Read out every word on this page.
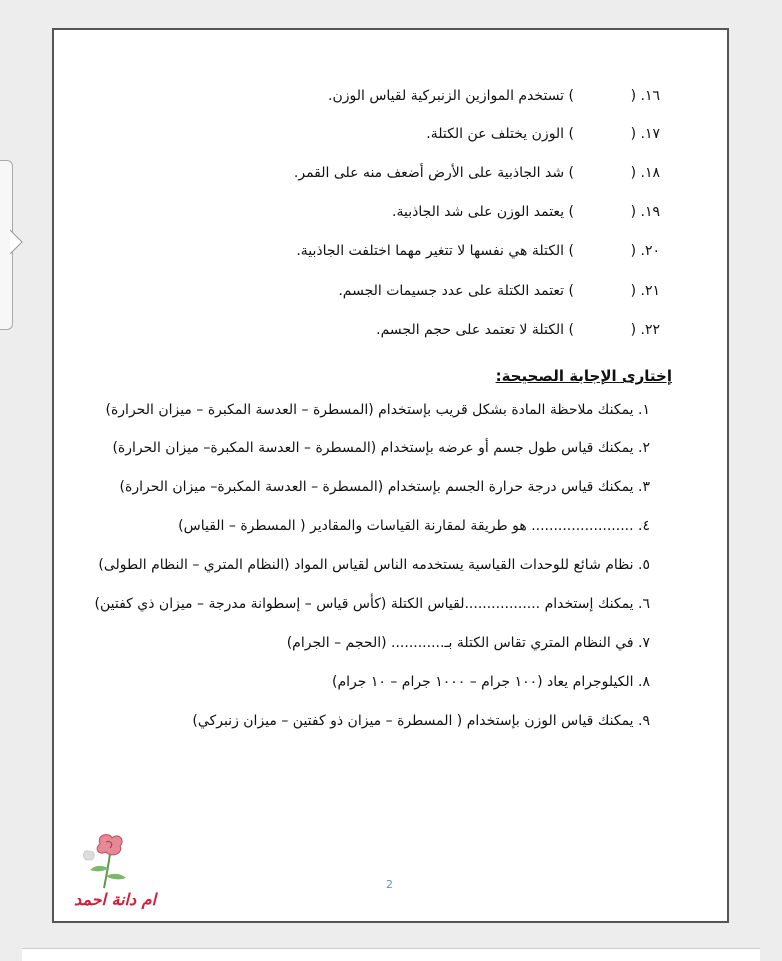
١٦. (
) تستخدم الموازين الزنبركية لقياس الوزن.
١٧. (
) الوزن يختلف عن الكتلة.
١٨. (
) شد الجاذبية على الأرض أضعف منه على القمر.
١٩. (
) يعتمد الوزن على شد الجاذبية.
٢٠. (
) الكتلة هي نفسها لا تتغير مهما اختلفت الجاذبية.
٢١. (
) تعتمد الكتلة على عدد جسيمات الجسم.
٢٢. (
) الكتلة لا تعتمد على حجم الجسم.
إختارى الإجابة الصحيحة:
١. يمكنك ملاحظة المادة بشكل قريب بإستخدام (المسطرة – العدسة المكبرة – ميزان الحرارة)
٢. يمكنك قياس طول جسم أو عرضه بإستخدام (المسطرة – العدسة المكبرة– ميزان الحرارة)
٣. يمكنك قياس درجة حرارة الجسم بإستخدام (المسطرة – العدسة المكبرة– ميزان الحرارة)
٤. ....................... هو طريقة لمقارنة القياسات والمقادير ( المسطرة – القياس)
٥. نظام شائع للوحدات القياسية يستخدمه الناس لقياس المواد (النظام المتري – النظام الطولى)
٦. يمكنك إستخدام .................لقياس الكتلة (كأس قياس – إسطوانة مدرجة – ميزان ذي كفتين)
٧. في النظام المتري تقاس الكتلة بـ............ (الحجم – الجرام)
٨. الكيلوجرام يعاد (١٠٠ جرام – ١٠٠٠ جرام – ١٠ جرام)
٩. يمكنك قياس الوزن بإستخدام ( المسطرة – ميزان ذو كفتين – ميزان زنبركي)
2
ام دانة احمد
